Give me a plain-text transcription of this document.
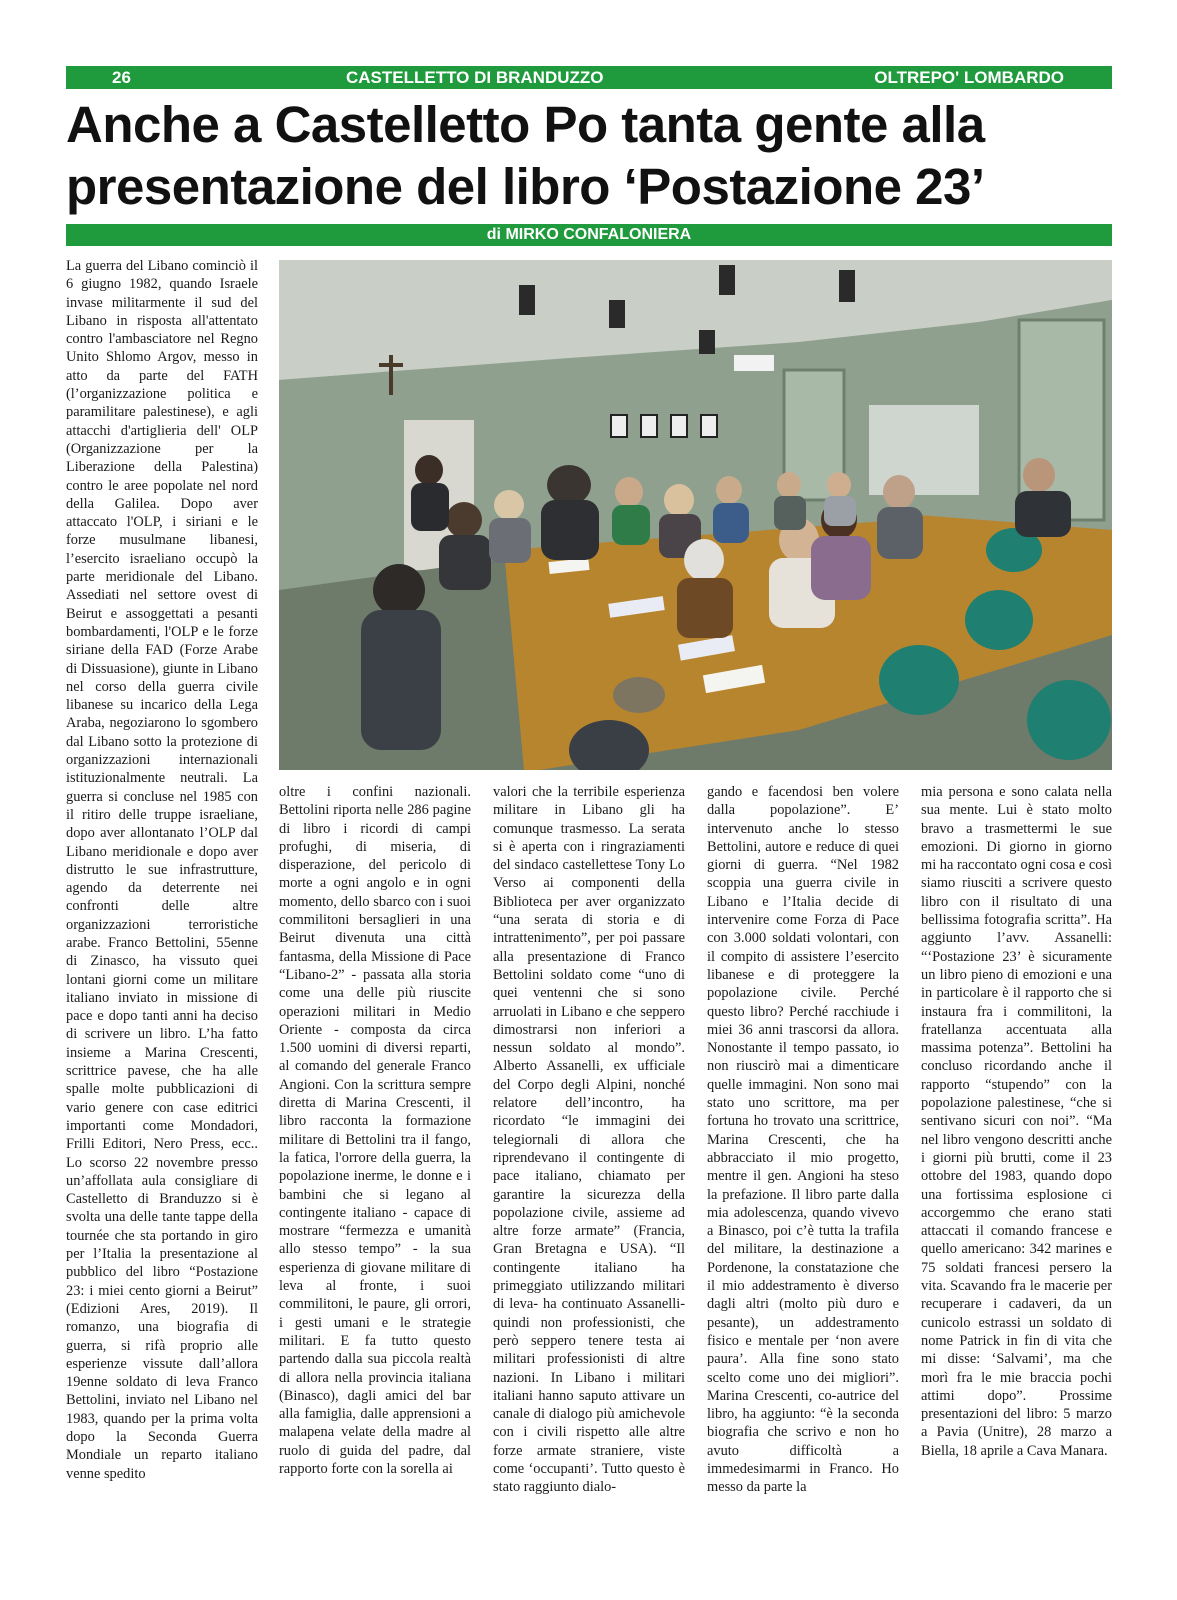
26	CASTELLETTO DI BRANDUZZO	OLTREPO' LOMBARDO
Anche a Castelletto Po tanta gente alla
presentazione del libro ‘Postazione 23’
di MIRKO CONFALONIERA

La guerra del Libano cominciò il 6 giugno 1982, quando Israele invase militarmente il sud del Libano in risposta all'attentato contro l'ambasciatore nel Regno Unito Shlomo Argov, messo in atto da parte del FATH (l’organizzazione politica e paramilitare palestinese), e agli attacchi d'artiglieria dell' OLP (Organizzazione per la Liberazione della Palestina) contro le aree popolate nel nord della Galilea. Dopo aver attaccato l'OLP, i siriani e le forze musulmane libanesi, l’esercito israeliano occupò la parte meridionale del Libano. Assediati nel settore ovest di Beirut e assoggettati a pesanti bombardamenti, l'OLP e le forze siriane della FAD (Forze Arabe di Dissuasione), giunte in Libano nel corso della guerra civile libanese su incarico della Lega Araba, negoziarono lo sgombero dal Libano sotto la protezione di organizzazioni internazionali istituzionalmente neutrali. La guerra si concluse nel 1985 con il ritiro delle truppe israeliane, dopo aver allontanato l’OLP dal Libano meridionale e dopo aver distrutto le sue infrastrutture, agendo da deterrente nei confronti delle altre organizzazioni terroristiche arabe. Franco Bettolini, 55enne di Zinasco, ha vissuto quei lontani giorni come un militare italiano inviato in missione di pace e dopo tanti anni ha deciso di scrivere un libro. L’ha fatto insieme a Marina Crescenti, scrittrice pavese, che ha alle spalle molte pubblicazioni di vario genere con case editrici importanti come Mondadori, Frilli Editori, Nero Press, ecc.. Lo scorso 22 novembre presso un’affollata aula consigliare di Castelletto di Branduzzo si è svolta una delle tante tappe della tournée che sta portando in giro per l’Italia la presentazione al pubblico del libro “Postazione 23: i miei cento giorni a Beirut” (Edizioni Ares, 2019). Il romanzo, una biografia di guerra, si rifà proprio alle esperienze vissute dall’allora 19enne soldato di leva Franco Bettolini, inviato nel Libano nel 1983, quando per la prima volta dopo la Seconda Guerra Mondiale un reparto italiano venne spedito

oltre i confini nazionali. Bettolini riporta nelle 286 pagine di libro i ricordi di campi profughi, di miseria, di disperazione, del pericolo di morte a ogni angolo e in ogni momento, dello sbarco con i suoi commilitoni bersaglieri in una Beirut divenuta una città fantasma, della Missione di Pace “Libano-2” - passata alla storia come una delle più riuscite operazioni militari in Medio Oriente - composta da circa 1.500 uomini di diversi reparti, al comando del generale Franco Angioni. Con la scrittura sempre diretta di Marina Crescenti, il libro racconta la formazione militare di Bettolini tra il fango, la fatica, l'orrore della guerra, la popolazione inerme, le donne e i bambini che si legano al contingente italiano - capace di mostrare “fermezza e umanità allo stesso tempo” - la sua esperienza di giovane militare di leva al fronte, i suoi commilitoni, le paure, gli orrori, i gesti umani e le strategie militari. E fa tutto questo partendo dalla sua piccola realtà di allora nella provincia italiana (Binasco), dagli amici del bar alla famiglia, dalle apprensioni a malapena velate della madre al ruolo di guida del padre, dal rapporto forte con la sorella ai

valori che la terribile esperienza militare in Libano gli ha comunque trasmesso. La serata si è aperta con i ringraziamenti del sindaco castellettese Tony Lo Verso ai componenti della Biblioteca per aver organizzato “una serata di storia e di intrattenimento”, per poi passare alla presentazione di Franco Bettolini soldato come “uno di quei ventenni che si sono arruolati in Libano e che seppero dimostrarsi non inferiori a nessun soldato al mondo”. Alberto Assanelli, ex ufficiale del Corpo degli Alpini, nonché relatore dell’incontro, ha ricordato “le immagini dei telegiornali di allora che riprendevano il contingente di pace italiano, chiamato per garantire la sicurezza della popolazione civile, assieme ad altre forze armate” (Francia, Gran Bretagna e USA). “Il contingente italiano ha primeggiato utilizzando militari di leva- ha continuato Assanelli- quindi non professionisti, che però seppero tenere testa ai militari professionisti di altre nazioni. In Libano i militari italiani hanno saputo attivare un canale di dialogo più amichevole con i civili rispetto alle altre forze armate straniere, viste come ‘occupanti’. Tutto questo è stato raggiunto dialo-

gando e facendosi ben volere dalla popolazione”. E’ intervenuto anche lo stesso Bettolini, autore e reduce di quei giorni di guerra. “Nel 1982 scoppia una guerra civile in Libano e l’Italia decide di intervenire come Forza di Pace con 3.000 soldati volontari, con il compito di assistere l’esercito libanese e di proteggere la popolazione civile. Perché questo libro? Perché racchiude i miei 36 anni trascorsi da allora. Nonostante il tempo passato, io non riuscirò mai a dimenticare quelle immagini. Non sono mai stato uno scrittore, ma per fortuna ho trovato una scrittrice, Marina Crescenti, che ha abbracciato il mio progetto, mentre il gen. Angioni ha steso la prefazione. Il libro parte dalla mia adolescenza, quando vivevo a Binasco, poi c’è tutta la trafila del militare, la destinazione a Pordenone, la constatazione che il mio addestramento è diverso dagli altri (molto più duro e pesante), un addestramento fisico e mentale per ‘non avere paura’. Alla fine sono stato scelto come uno dei migliori”. Marina Crescenti, co-autrice del libro, ha aggiunto: “è la seconda biografia che scrivo e non ho avuto difficoltà a immedesimarmi in Franco. Ho messo da parte la

mia persona e sono calata nella sua mente. Lui è stato molto bravo a trasmettermi le sue emozioni. Di giorno in giorno mi ha raccontato ogni cosa e così siamo riusciti a scrivere questo libro con il risultato di una bellissima fotografia scritta”. Ha aggiunto l’avv. Assanelli: “‘Postazione 23’ è sicuramente un libro pieno di emozioni e una in particolare è il rapporto che si instaura fra i commilitoni, la fratellanza accentuata alla massima potenza”. Bettolini ha concluso ricordando anche il rapporto “stupendo” con la popolazione palestinese, “che si sentivano sicuri con noi”. “Ma nel libro vengono descritti anche i giorni più brutti, come il 23 ottobre del 1983, quando dopo una fortissima esplosione ci accorgemmo che erano stati attaccati il comando francese e quello americano: 342 marines e 75 soldati francesi persero la vita. Scavando fra le macerie per recuperare i cadaveri, da un cunicolo estrassi un soldato di nome Patrick in fin di vita che mi disse: ‘Salvami’, ma che morì fra le mie braccia pochi attimi dopo”. Prossime presentazioni del libro: 5 marzo a Pavia (Unitre), 28 marzo a Biella, 18 aprile a Cava Manara.
